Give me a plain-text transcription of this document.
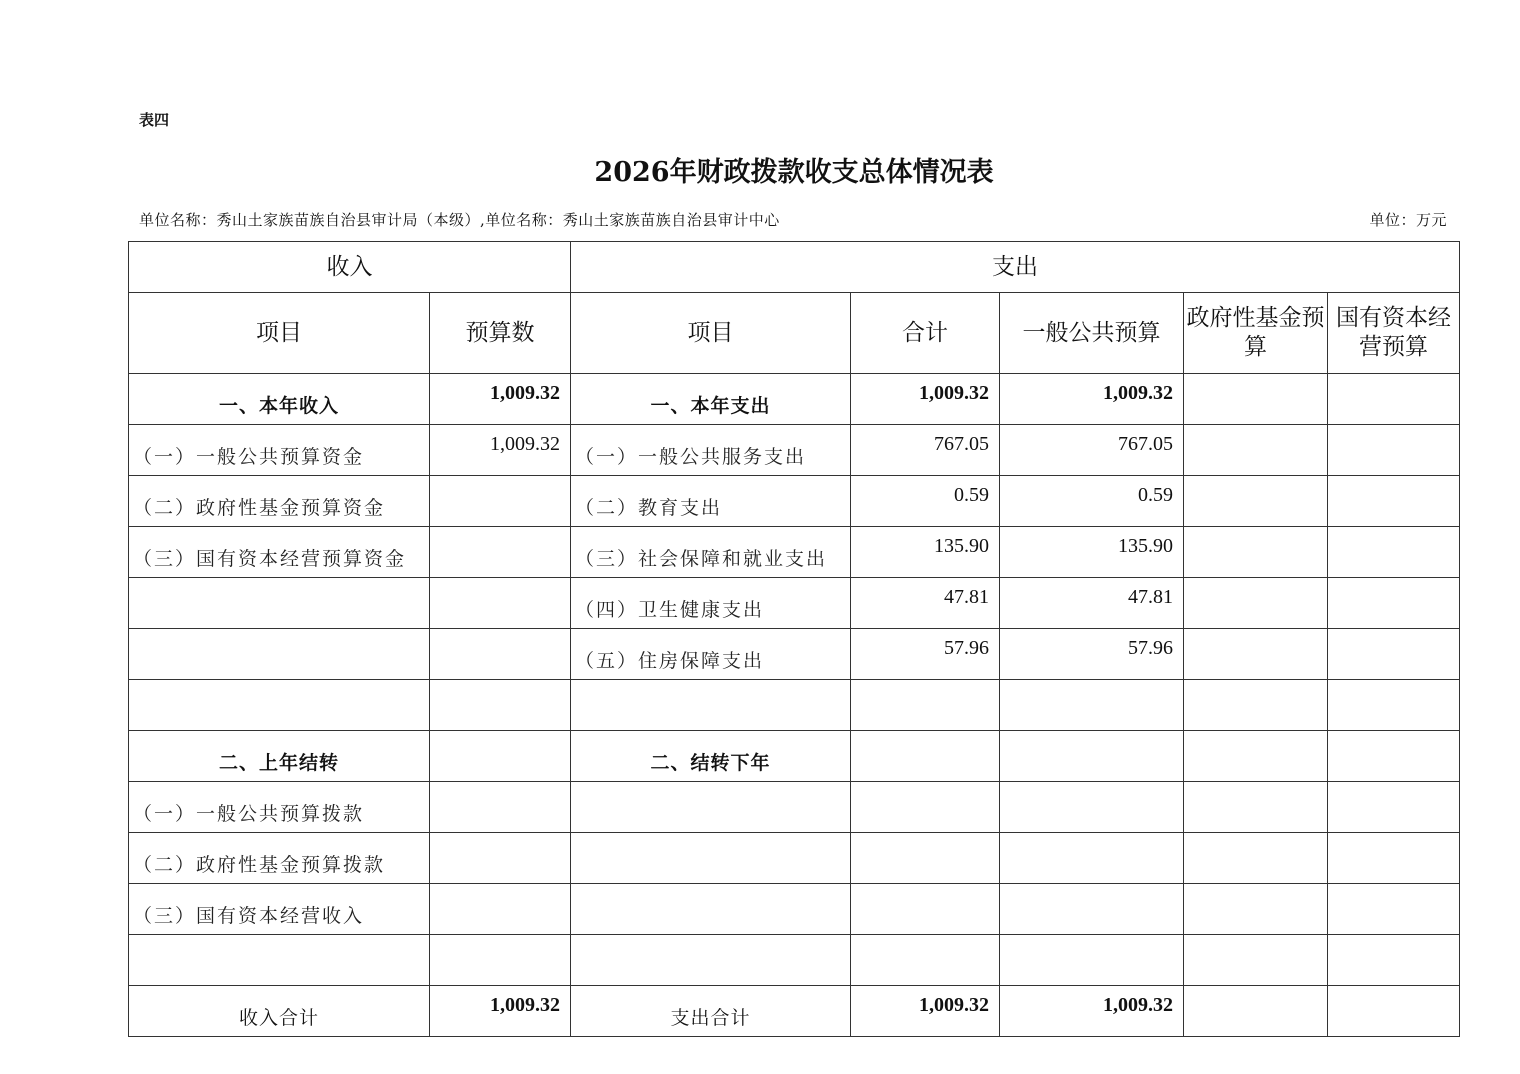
表四
2026年财政拨款收支总体情况表
单位名称：秀山土家族苗族自治县审计局（本级）,单位名称：秀山土家族苗族自治县审计中心	单位：万元
收入		支出				
项目	预算数	项目	合计	一般公共预算	政府性基金预算	国有资本经营预算
一、本年收入	1,009.32	一、本年支出	1,009.32	1,009.32		
（一）一般公共预算资金	1,009.32	（一）一般公共服务支出	767.05	767.05		
（二）政府性基金预算资金		（二）教育支出	0.59	0.59		
（三）国有资本经营预算资金		（三）社会保障和就业支出	135.90	135.90		
		（四）卫生健康支出	47.81	47.81		
		（五）住房保障支出	57.96	57.96		

二、上年结转		二、结转下年				
（一）一般公共预算拨款						
（二）政府性基金预算拨款						
（三）国有资本经营收入						

收入合计	1,009.32	支出合计	1,009.32	1,009.32		
